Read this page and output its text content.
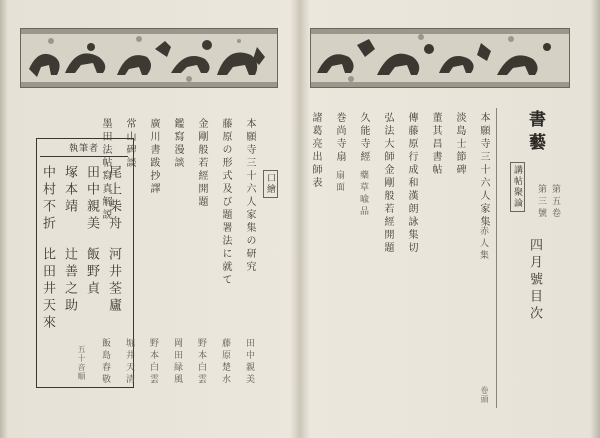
執筆者
尾上柴舟
河井荃廬
田中親美
飯野貞
塚本靖
辻善之助
中村不折
比田井天來
五十音順
口繪
本願寺三十六人家集の研究
田中親美
藤原の形式及び題署法に就て
藤原楚水
金剛般若經開題
野本白雲
鑑寫漫談
岡田緑風
廣川書跋抄譯
野本白雲
常山碑談
堀井天清
墨田法帖寫真解説
飯島春敬
書藝
講帖聚論	第五卷
第三號
四月號目次
本願寺三十六人家集
赤人集
卷頭
淡島士節碑
董其昌書帖
傳藤原行成和漢朗詠集切
弘法大師金剛般若經開題
久能寺經
藥草喩品
巻尚寺扇
扇面
諸葛亮出師表
